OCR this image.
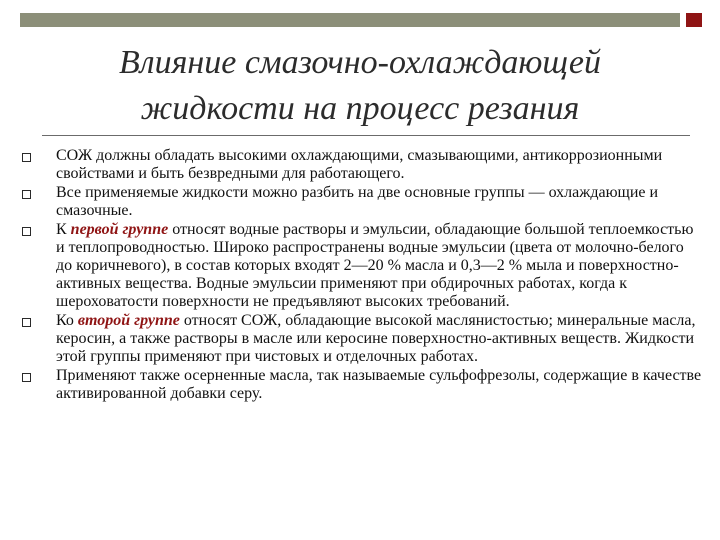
Влияние смазочно-охлаждающей
жидкости на процесс резания
СОЖ должны обладать высокими охлаждающими, смазывающими, антикоррозионными свойствами и быть безвредными для работающего.
Все применяемые жидкости можно разбить на две основные группы — охлаждающие и смазочные.
К первой группе относят водные растворы и эмульсии, обладающие большой теплоемкостью и теплопроводностью. Широко распространены водные эмульсии (цвета от молочно-белого до коричневого), в состав которых входят 2—20 % масла и 0,3—2 % мыла и поверхностно-активных вещества. Водные эмульсии применяют при обдирочных работах, когда к шероховатости поверхности не предъявляют высоких требований.
Ко второй группе относят СОЖ, обладающие высокой маслянистостью; минеральные масла, керосин, а также растворы в масле или керосине поверхностно-активных веществ. Жидкости этой группы применяют при чистовых и отделочных работах.
Применяют также осерненные масла, так называемые сульфофрезолы, содержащие в качестве активированной добавки серу.
